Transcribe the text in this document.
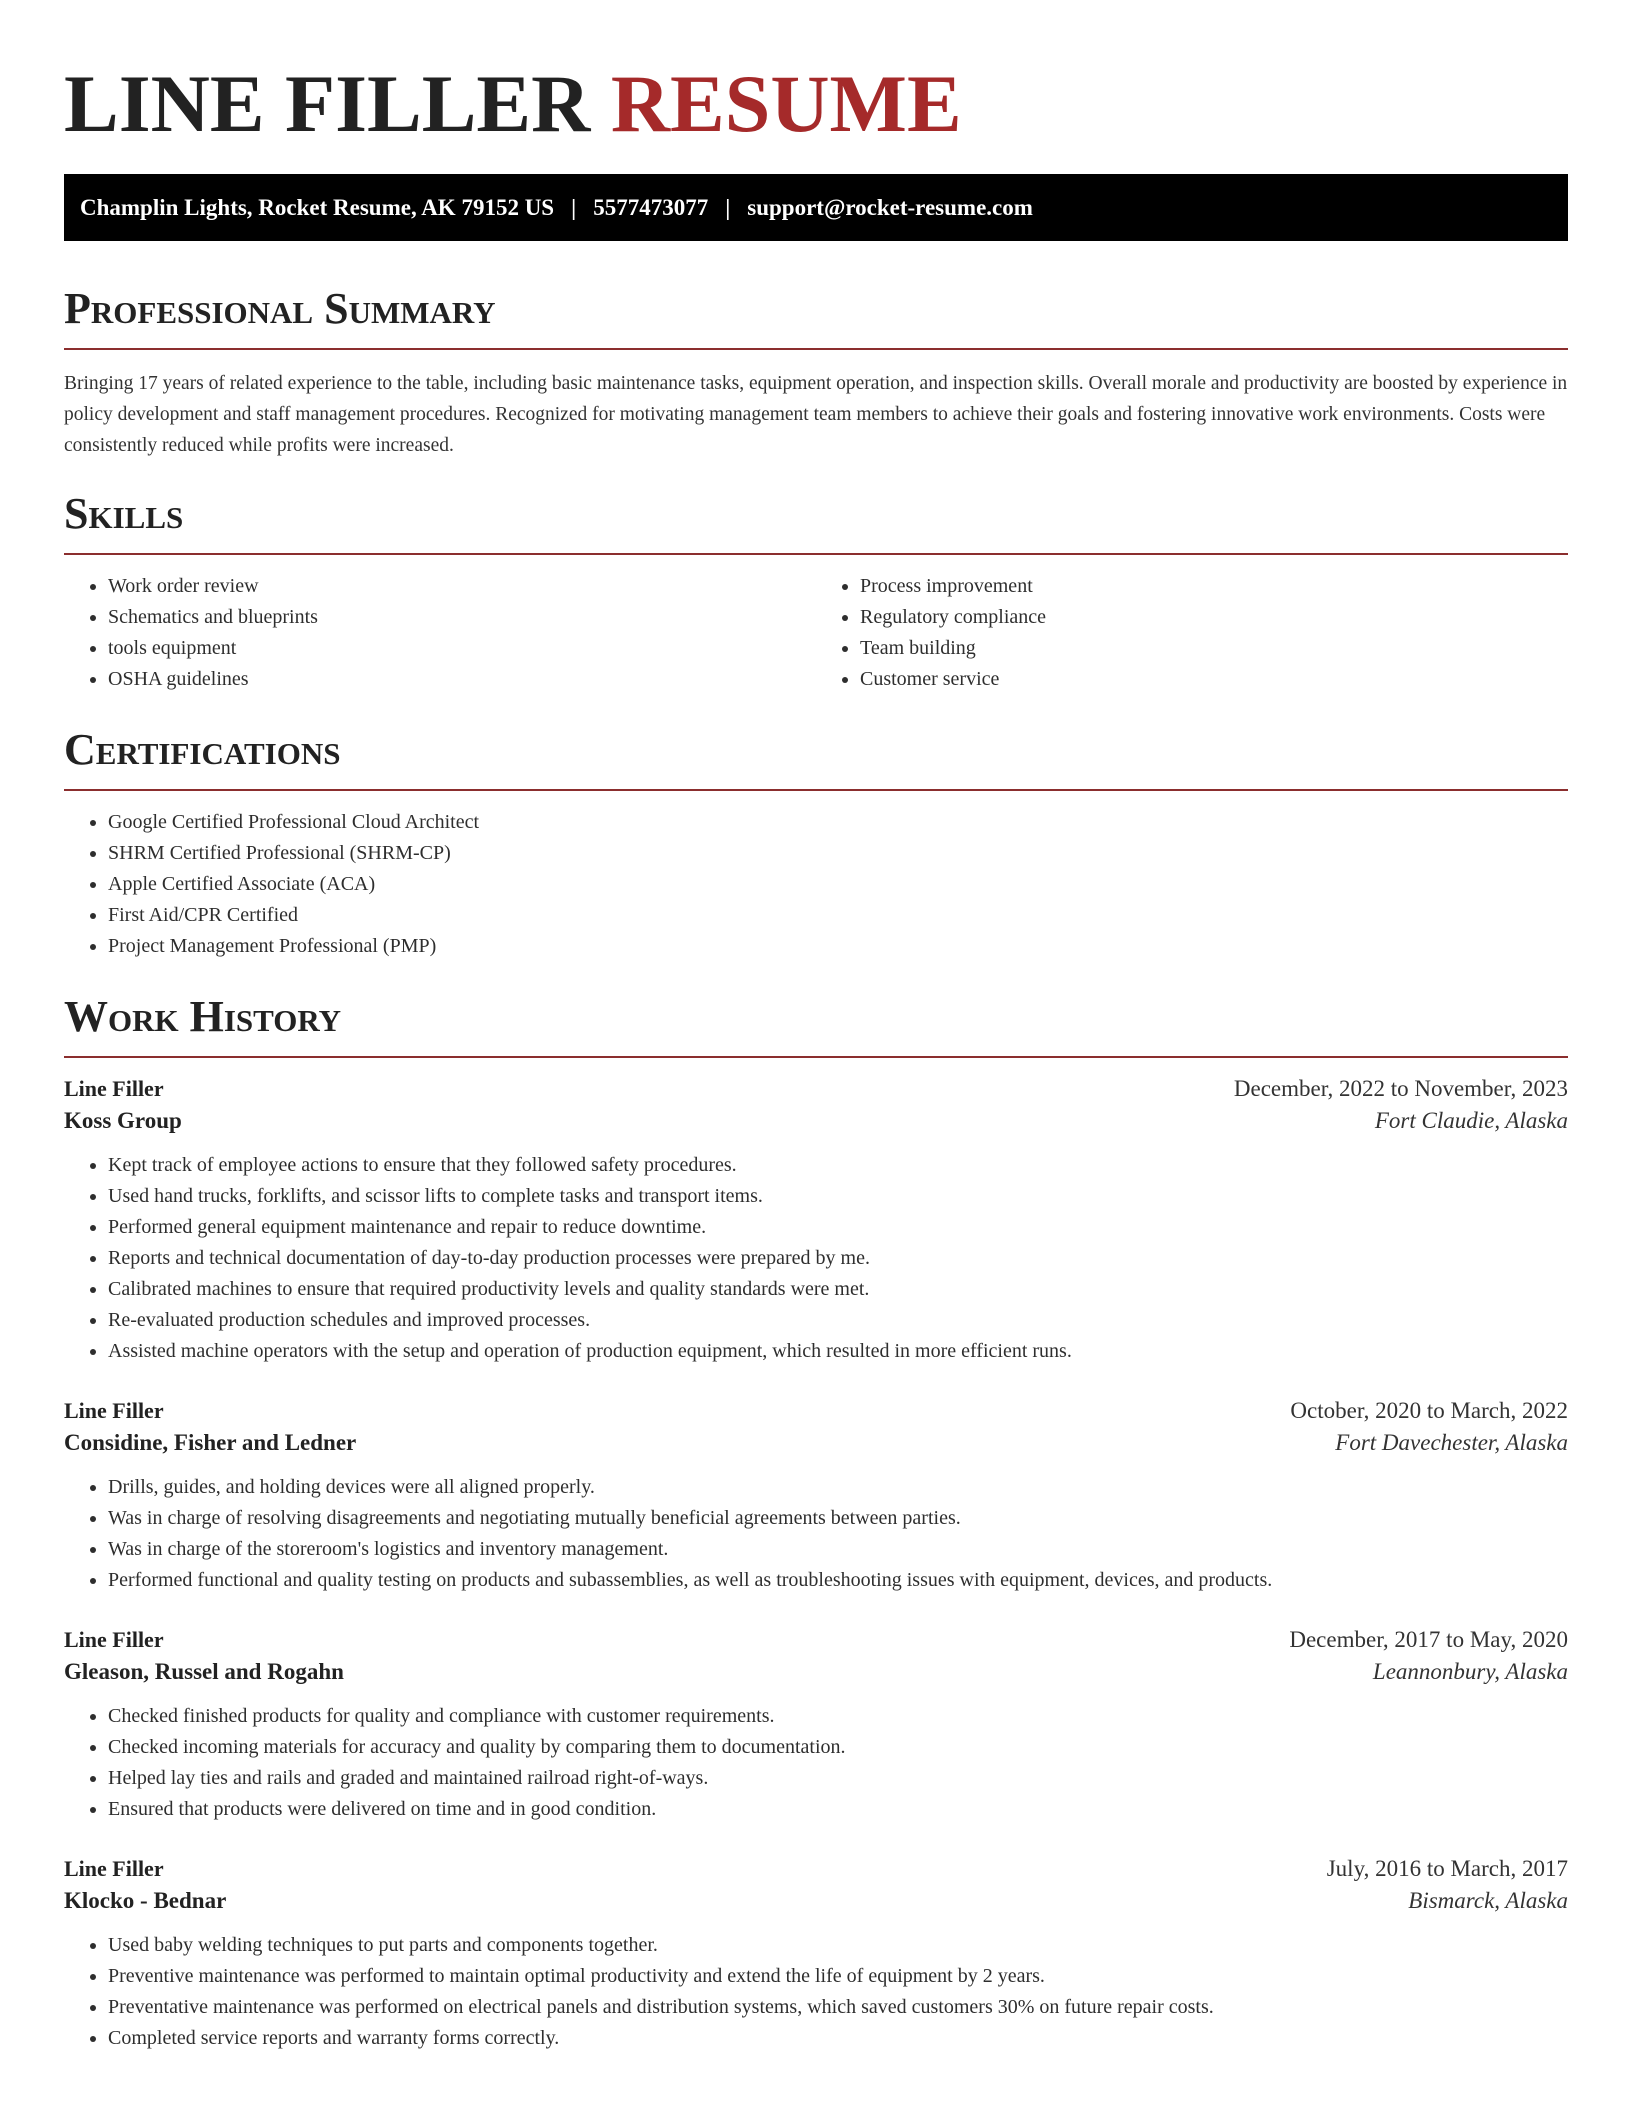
LINE FILLER RESUME
Champlin Lights, Rocket Resume, AK 79152 US | 5577473077 | support@rocket-resume.com
Professional Summary

Bringing 17 years of related experience to the table, including basic maintenance tasks, equipment operation, and inspection skills. Overall morale and productivity are boosted by experience in policy development and staff management procedures. Recognized for motivating management team members to achieve their goals and fostering innovative work environments. Costs were consistently reduced while profits were increased.

Skills
• Work order review
• Schematics and blueprints
• tools equipment
• OSHA guidelines
• Process improvement
• Regulatory compliance
• Team building
• Customer service
Certifications
• Google Certified Professional Cloud Architect
• SHRM Certified Professional (SHRM-CP)
• Apple Certified Associate (ACA)
• First Aid/CPR Certified
• Project Management Professional (PMP)
Work History
Line Filler	December, 2022 to November, 2023
Koss Group	Fort Claudie, Alaska
• Kept track of employee actions to ensure that they followed safety procedures.
• Used hand trucks, forklifts, and scissor lifts to complete tasks and transport items.
• Performed general equipment maintenance and repair to reduce downtime.
• Reports and technical documentation of day-to-day production processes were prepared by me.
• Calibrated machines to ensure that required productivity levels and quality standards were met.
• Re-evaluated production schedules and improved processes.
• Assisted machine operators with the setup and operation of production equipment, which resulted in more efficient runs.
Line Filler	October, 2020 to March, 2022
Considine, Fisher and Ledner	Fort Davechester, Alaska
• Drills, guides, and holding devices were all aligned properly.
• Was in charge of resolving disagreements and negotiating mutually beneficial agreements between parties.
• Was in charge of the storeroom's logistics and inventory management.
• Performed functional and quality testing on products and subassemblies, as well as troubleshooting issues with equipment, devices, and products.
Line Filler	December, 2017 to May, 2020
Gleason, Russel and Rogahn	Leannonbury, Alaska
• Checked finished products for quality and compliance with customer requirements.
• Checked incoming materials for accuracy and quality by comparing them to documentation.
• Helped lay ties and rails and graded and maintained railroad right-of-ways.
• Ensured that products were delivered on time and in good condition.
Line Filler	July, 2016 to March, 2017
Klocko - Bednar	Bismarck, Alaska
• Used baby welding techniques to put parts and components together.
• Preventive maintenance was performed to maintain optimal productivity and extend the life of equipment by 2 years.
• Preventative maintenance was performed on electrical panels and distribution systems, which saved customers 30% on future repair costs.
• Completed service reports and warranty forms correctly.
